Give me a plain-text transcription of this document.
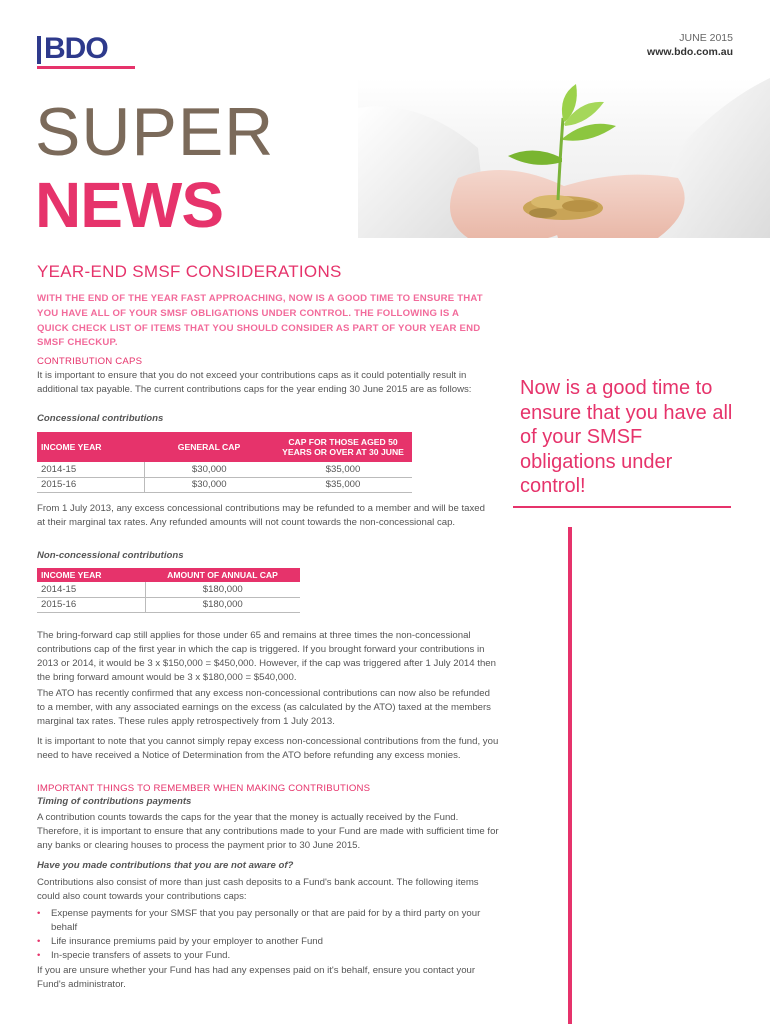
BDO	JUNE 2015
www.bdo.com.au
SUPER
NEWS
YEAR-END SMSF CONSIDERATIONS
WITH THE END OF THE YEAR FAST APPROACHING, NOW IS A GOOD TIME TO ENSURE THAT YOU HAVE ALL OF YOUR SMSF OBLIGATIONS UNDER CONTROL. THE FOLLOWING IS A QUICK CHECK LIST OF ITEMS THAT YOU SHOULD CONSIDER AS PART OF YOUR YEAR END SMSF CHECKUP.
CONTRIBUTION CAPS
It is important to ensure that you do not exceed your contributions caps as it could potentially result in additional tax payable. The current contributions caps for the year ending 30 June 2015 are as follows:
Concessional contributions
INCOME YEAR	GENERAL CAP	CAP FOR THOSE AGED 50 YEARS OR OVER AT 30 JUNE
2014-15	$30,000	$35,000
2015-16	$30,000	$35,000
From 1 July 2013, any excess concessional contributions may be refunded to a member and will be taxed at their marginal tax rates. Any refunded amounts will not count towards the non-concessional cap.
Non-concessional contributions
INCOME YEAR	AMOUNT OF ANNUAL CAP
2014-15	$180,000
2015-16	$180,000
The bring-forward cap still applies for those under 65 and remains at three times the non-concessional contributions cap of the first year in which the cap is triggered. If you brought forward your contributions in 2013 or 2014, it would be 3 x $150,000 = $450,000. However, if the cap was triggered after 1 July 2014 then the bring forward amount would be 3 x $180,000 = $540,000.
The ATO has recently confirmed that any excess non-concessional contributions can now also be refunded to a member, with any associated earnings on the excess (as calculated by the ATO) taxed at the members marginal tax rates. These rules apply retrospectively from 1 July 2013.
It is important to note that you cannot simply repay excess non-concessional contributions from the fund, you need to have received a Notice of Determination from the ATO before refunding any excess monies.
IMPORTANT THINGS TO REMEMBER WHEN MAKING CONTRIBUTIONS
Timing of contributions payments
A contribution counts towards the caps for the year that the money is actually received by the Fund. Therefore, it is important to ensure that any contributions made to your Fund are made with sufficient time for any banks or clearing houses to process the payment prior to 30 June 2015.
Have you made contributions that you are not aware of?
Contributions also consist of more than just cash deposits to a Fund's bank account. The following items could also count towards your contributions caps:
• Expense payments for your SMSF that you pay personally or that are paid for by a third party on your behalf
• Life insurance premiums paid by your employer to another Fund
• In-specie transfers of assets to your Fund.
If you are unsure whether your Fund has had any expenses paid on it's behalf, ensure you contact your Fund's administrator.
Now is a good time to ensure that you have all of your SMSF obligations under control!
